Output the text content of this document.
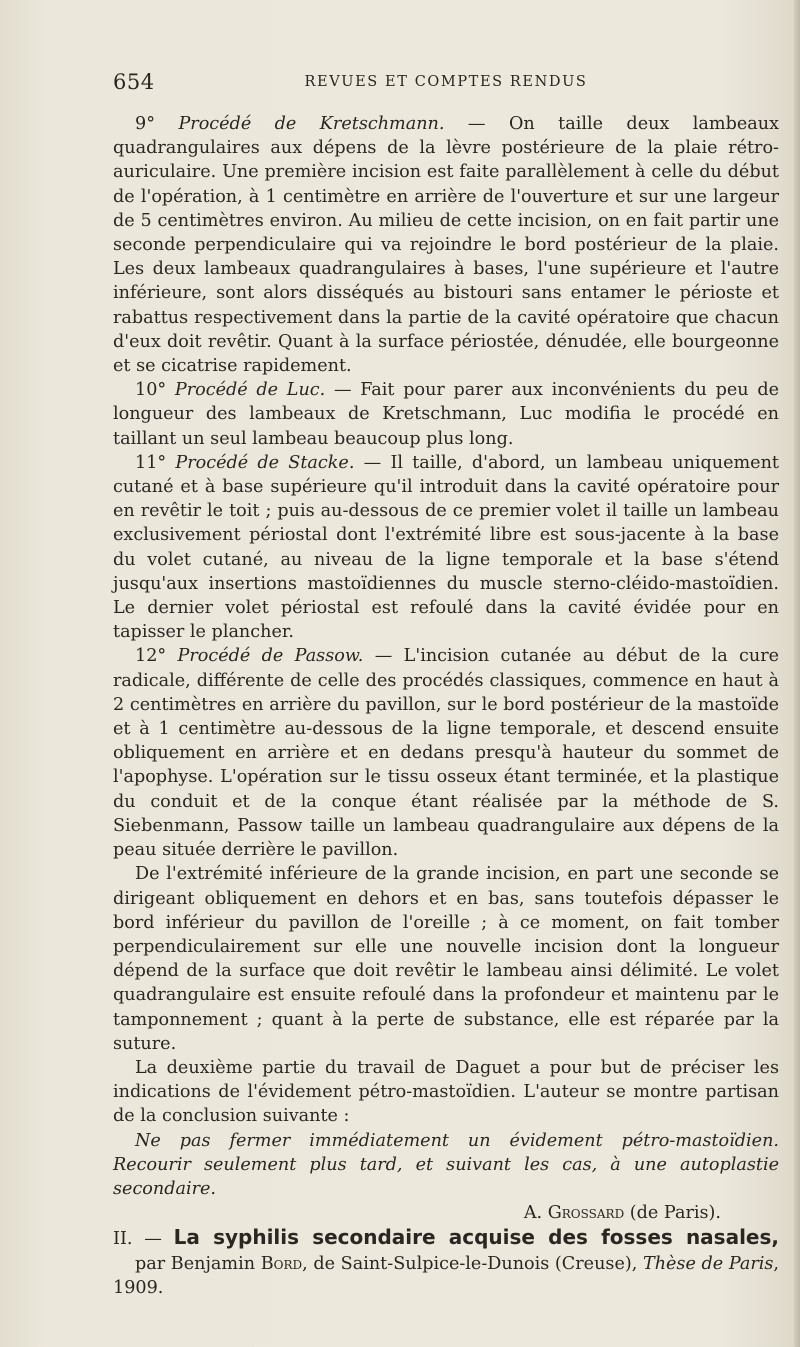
654	REVUES ET COMPTES RENDUS

9° Procédé de Kretschmann. — On taille deux lambeaux quadrangulaires aux dépens de la lèvre postérieure de la plaie rétro-auriculaire. Une première incision est faite parallèlement à celle du début de l'opération, à 1 centimètre en arrière de l'ouverture et sur une largeur de 5 centimètres environ. Au milieu de cette incision, on en fait partir une seconde perpendiculaire qui va rejoindre le bord postérieur de la plaie. Les deux lambeaux quadrangulaires à bases, l'une supérieure et l'autre inférieure, sont alors disséqués au bistouri sans entamer le périoste et rabattus respectivement dans la partie de la cavité opératoire que chacun d'eux doit revêtir. Quant à la surface périostée, dénudée, elle bourgeonne et se cicatrise rapidement.

10° Procédé de Luc. — Fait pour parer aux inconvénients du peu de longueur des lambeaux de Kretschmann, Luc modifia le procédé en taillant un seul lambeau beaucoup plus long.

11° Procédé de Stacke. — Il taille, d'abord, un lambeau uniquement cutané et à base supérieure qu'il introduit dans la cavité opératoire pour en revêtir le toit ; puis au-dessous de ce premier volet il taille un lambeau exclusivement périostal dont l'extrémité libre est sous-jacente à la base du volet cutané, au niveau de la ligne temporale et la base s'étend jusqu'aux insertions mastoïdiennes du muscle sterno-cléido-mastoïdien. Le dernier volet périostal est refoulé dans la cavité évidée pour en tapisser le plancher.

12° Procédé de Passow. — L'incision cutanée au début de la cure radicale, différente de celle des procédés classiques, commence en haut à 2 centimètres en arrière du pavillon, sur le bord postérieur de la mastoïde et à 1 centimètre au-dessous de la ligne temporale, et descend ensuite obliquement en arrière et en dedans presqu'à hauteur du sommet de l'apophyse. L'opération sur le tissu osseux étant terminée, et la plastique du conduit et de la conque étant réalisée par la méthode de S. Siebenmann, Passow taille un lambeau quadrangulaire aux dépens de la peau située derrière le pavillon.

De l'extrémité inférieure de la grande incision, en part une seconde se dirigeant obliquement en dehors et en bas, sans toutefois dépasser le bord inférieur du pavillon de l'oreille ; à ce moment, on fait tomber perpendiculairement sur elle une nouvelle incision dont la longueur dépend de la surface que doit revêtir le lambeau ainsi délimité. Le volet quadrangulaire est ensuite refoulé dans la profondeur et maintenu par le tamponnement ; quant à la perte de substance, elle est réparée par la suture.

La deuxième partie du travail de Daguet a pour but de préciser les indications de l'évidement pétro-mastoïdien. L'auteur se montre partisan de la conclusion suivante :

Ne pas fermer immédiatement un évidement pétro-mastoïdien. Recourir seulement plus tard, et suivant les cas, à une autoplastie secondaire.

A. Grossard (de Paris).

II. — La syphilis secondaire acquise des fosses nasales, par Benjamin Bord, de Saint-Sulpice-le-Dunois (Creuse), Thèse de Paris, 1909.
